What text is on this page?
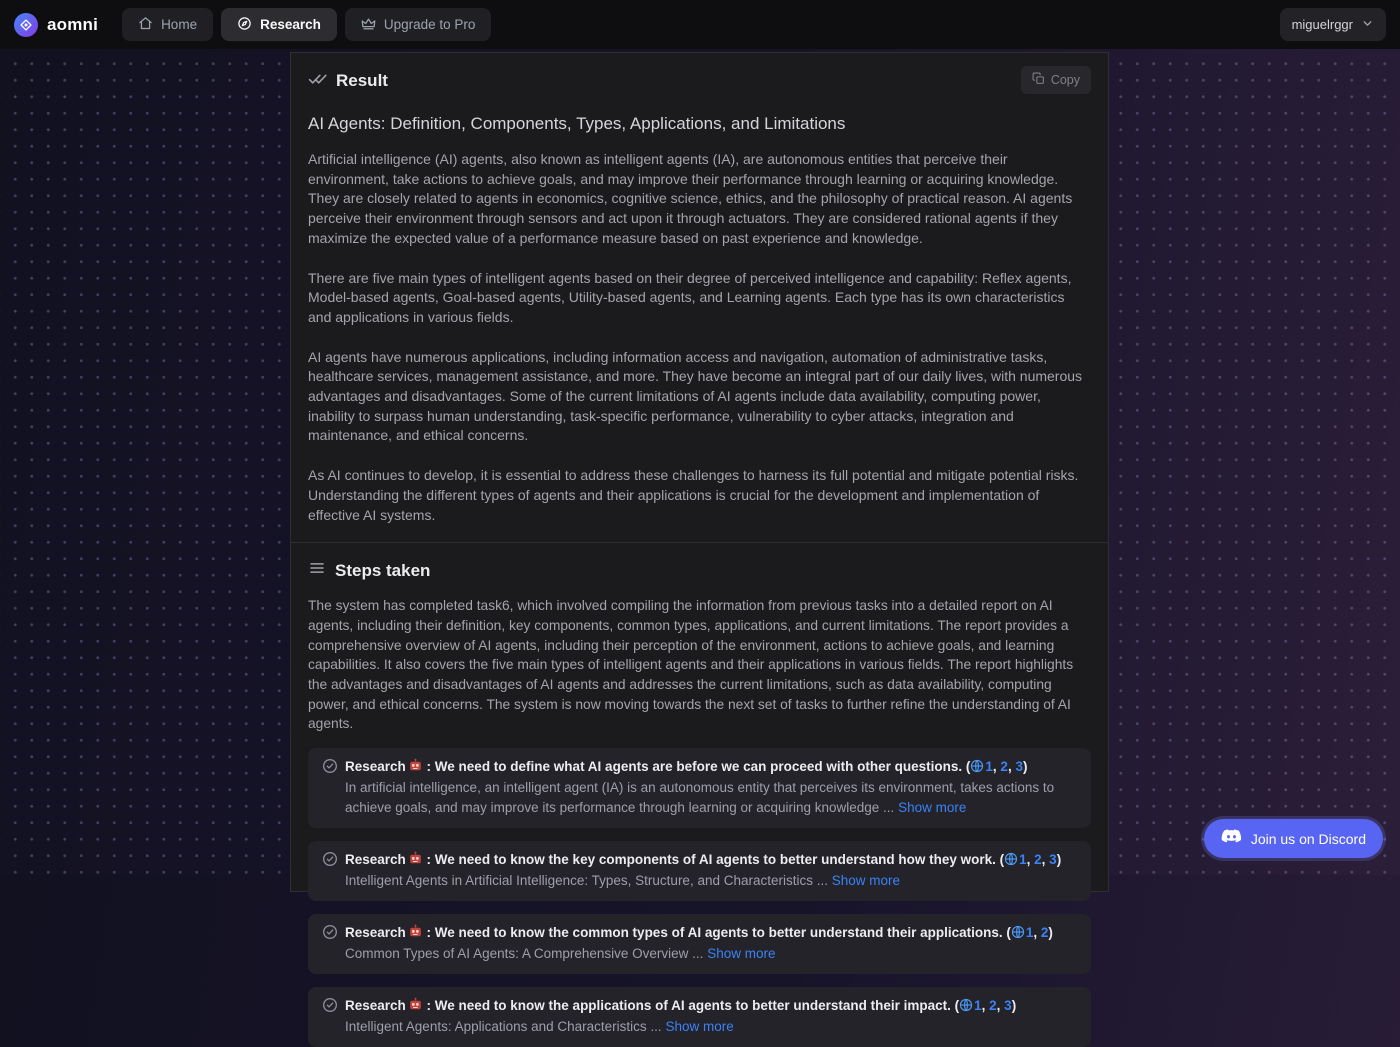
aomni	Home	Research	Upgrade to Pro	miguelrggr
Result	Copy
AI Agents: Definition, Components, Types, Applications, and Limitations

Artificial intelligence (AI) agents, also known as intelligent agents (IA), are autonomous entities that perceive their environment, take actions to achieve goals, and may improve their performance through learning or acquiring knowledge. They are closely related to agents in economics, cognitive science, ethics, and the philosophy of practical reason. AI agents perceive their environment through sensors and act upon it through actuators. They are considered rational agents if they maximize the expected value of a performance measure based on past experience and knowledge.

There are five main types of intelligent agents based on their degree of perceived intelligence and capability: Reflex agents, Model-based agents, Goal-based agents, Utility-based agents, and Learning agents. Each type has its own characteristics and applications in various fields.

AI agents have numerous applications, including information access and navigation, automation of administrative tasks, healthcare services, management assistance, and more. They have become an integral part of our daily lives, with numerous advantages and disadvantages. Some of the current limitations of AI agents include data availability, computing power, inability to surpass human understanding, task-specific performance, vulnerability to cyber attacks, integration and maintenance, and ethical concerns.

As AI continues to develop, it is essential to address these challenges to harness its full potential and mitigate potential risks. Understanding the different types of agents and their applications is crucial for the development and implementation of effective AI systems.

Steps taken

The system has completed task6, which involved compiling the information from previous tasks into a detailed report on AI agents, including their definition, key components, common types, applications, and current limitations. The report provides a comprehensive overview of AI agents, including their perception of the environment, actions to achieve goals, and learning capabilities. It also covers the five main types of intelligent agents and their applications in various fields. The report highlights the advantages and disadvantages of AI agents and addresses the current limitations, such as data availability, computing power, and ethical concerns. The system is now moving towards the next set of tasks to further refine the understanding of AI agents.

Research : We need to define what AI agents are before we can proceed with other questions. ( 1, 2, 3)
In artificial intelligence, an intelligent agent (IA) is an autonomous entity that perceives its environment, takes actions to achieve goals, and may improve its performance through learning or acquiring knowledge ... Show more
Research : We need to know the key components of AI agents to better understand how they work. ( 1, 2, 3)
Intelligent Agents in Artificial Intelligence: Types, Structure, and Characteristics ... Show more
Research : We need to know the common types of AI agents to better understand their applications. ( 1, 2)
Common Types of AI Agents: A Comprehensive Overview ... Show more
Research : We need to know the applications of AI agents to better understand their impact. ( 1, 2, 3)
Intelligent Agents: Applications and Characteristics ... Show more
Join us on Discord
